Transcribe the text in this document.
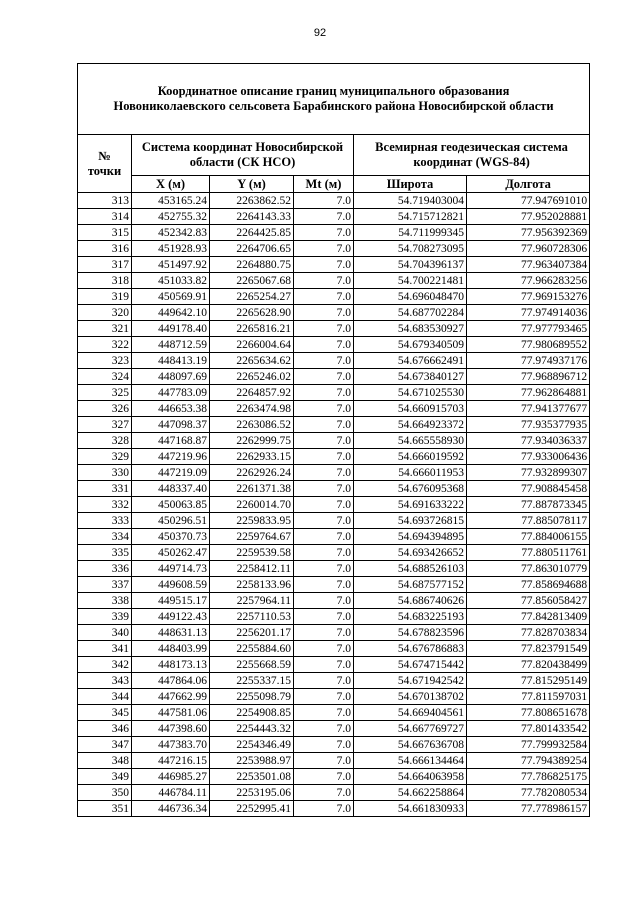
92
Координатное описание границ муниципального образования
Новониколаевского сельсовета Барабинского района Новосибирской области					

№
точки	Система координат Новосибирской области (СК НСО)			Всемирная геодезическая система координат (WGS-84)	
	X (м)	Y (м)	Mt (м)	Широта	Долгота
313	453165.24	2263862.52	7.0	54.719403004	77.947691010
314	452755.32	2264143.33	7.0	54.715712821	77.952028881
315	452342.83	2264425.85	7.0	54.711999345	77.956392369
316	451928.93	2264706.65	7.0	54.708273095	77.960728306
317	451497.92	2264880.75	7.0	54.704396137	77.963407384
318	451033.82	2265067.68	7.0	54.700221481	77.966283256
319	450569.91	2265254.27	7.0	54.696048470	77.969153276
320	449642.10	2265628.90	7.0	54.687702284	77.974914036
321	449178.40	2265816.21	7.0	54.683530927	77.977793465
322	448712.59	2266004.64	7.0	54.679340509	77.980689552
323	448413.19	2265634.62	7.0	54.676662491	77.974937176
324	448097.69	2265246.02	7.0	54.673840127	77.968896712
325	447783.09	2264857.92	7.0	54.671025530	77.962864881
326	446653.38	2263474.98	7.0	54.660915703	77.941377677
327	447098.37	2263086.52	7.0	54.664923372	77.935377935
328	447168.87	2262999.75	7.0	54.665558930	77.934036337
329	447219.96	2262933.15	7.0	54.666019592	77.933006436
330	447219.09	2262926.24	7.0	54.666011953	77.932899307
331	448337.40	2261371.38	7.0	54.676095368	77.908845458
332	450063.85	2260014.70	7.0	54.691633222	77.887873345
333	450296.51	2259833.95	7.0	54.693726815	77.885078117
334	450370.73	2259764.67	7.0	54.694394895	77.884006155
335	450262.47	2259539.58	7.0	54.693426652	77.880511761
336	449714.73	2258412.11	7.0	54.688526103	77.863010779
337	449608.59	2258133.96	7.0	54.687577152	77.858694688
338	449515.17	2257964.11	7.0	54.686740626	77.856058427
339	449122.43	2257110.53	7.0	54.683225193	77.842813409
340	448631.13	2256201.17	7.0	54.678823596	77.828703834
341	448403.99	2255884.60	7.0	54.676786883	77.823791549
342	448173.13	2255668.59	7.0	54.674715442	77.820438499
343	447864.06	2255337.15	7.0	54.671942542	77.815295149
344	447662.99	2255098.79	7.0	54.670138702	77.811597031
345	447581.06	2254908.85	7.0	54.669404561	77.808651678
346	447398.60	2254443.32	7.0	54.667769727	77.801433542
347	447383.70	2254346.49	7.0	54.667636708	77.799932584
348	447216.15	2253988.97	7.0	54.666134464	77.794389254
349	446985.27	2253501.08	7.0	54.664063958	77.786825175
350	446784.11	2253195.06	7.0	54.662258864	77.782080534
351	446736.34	2252995.41	7.0	54.661830933	77.778986157
